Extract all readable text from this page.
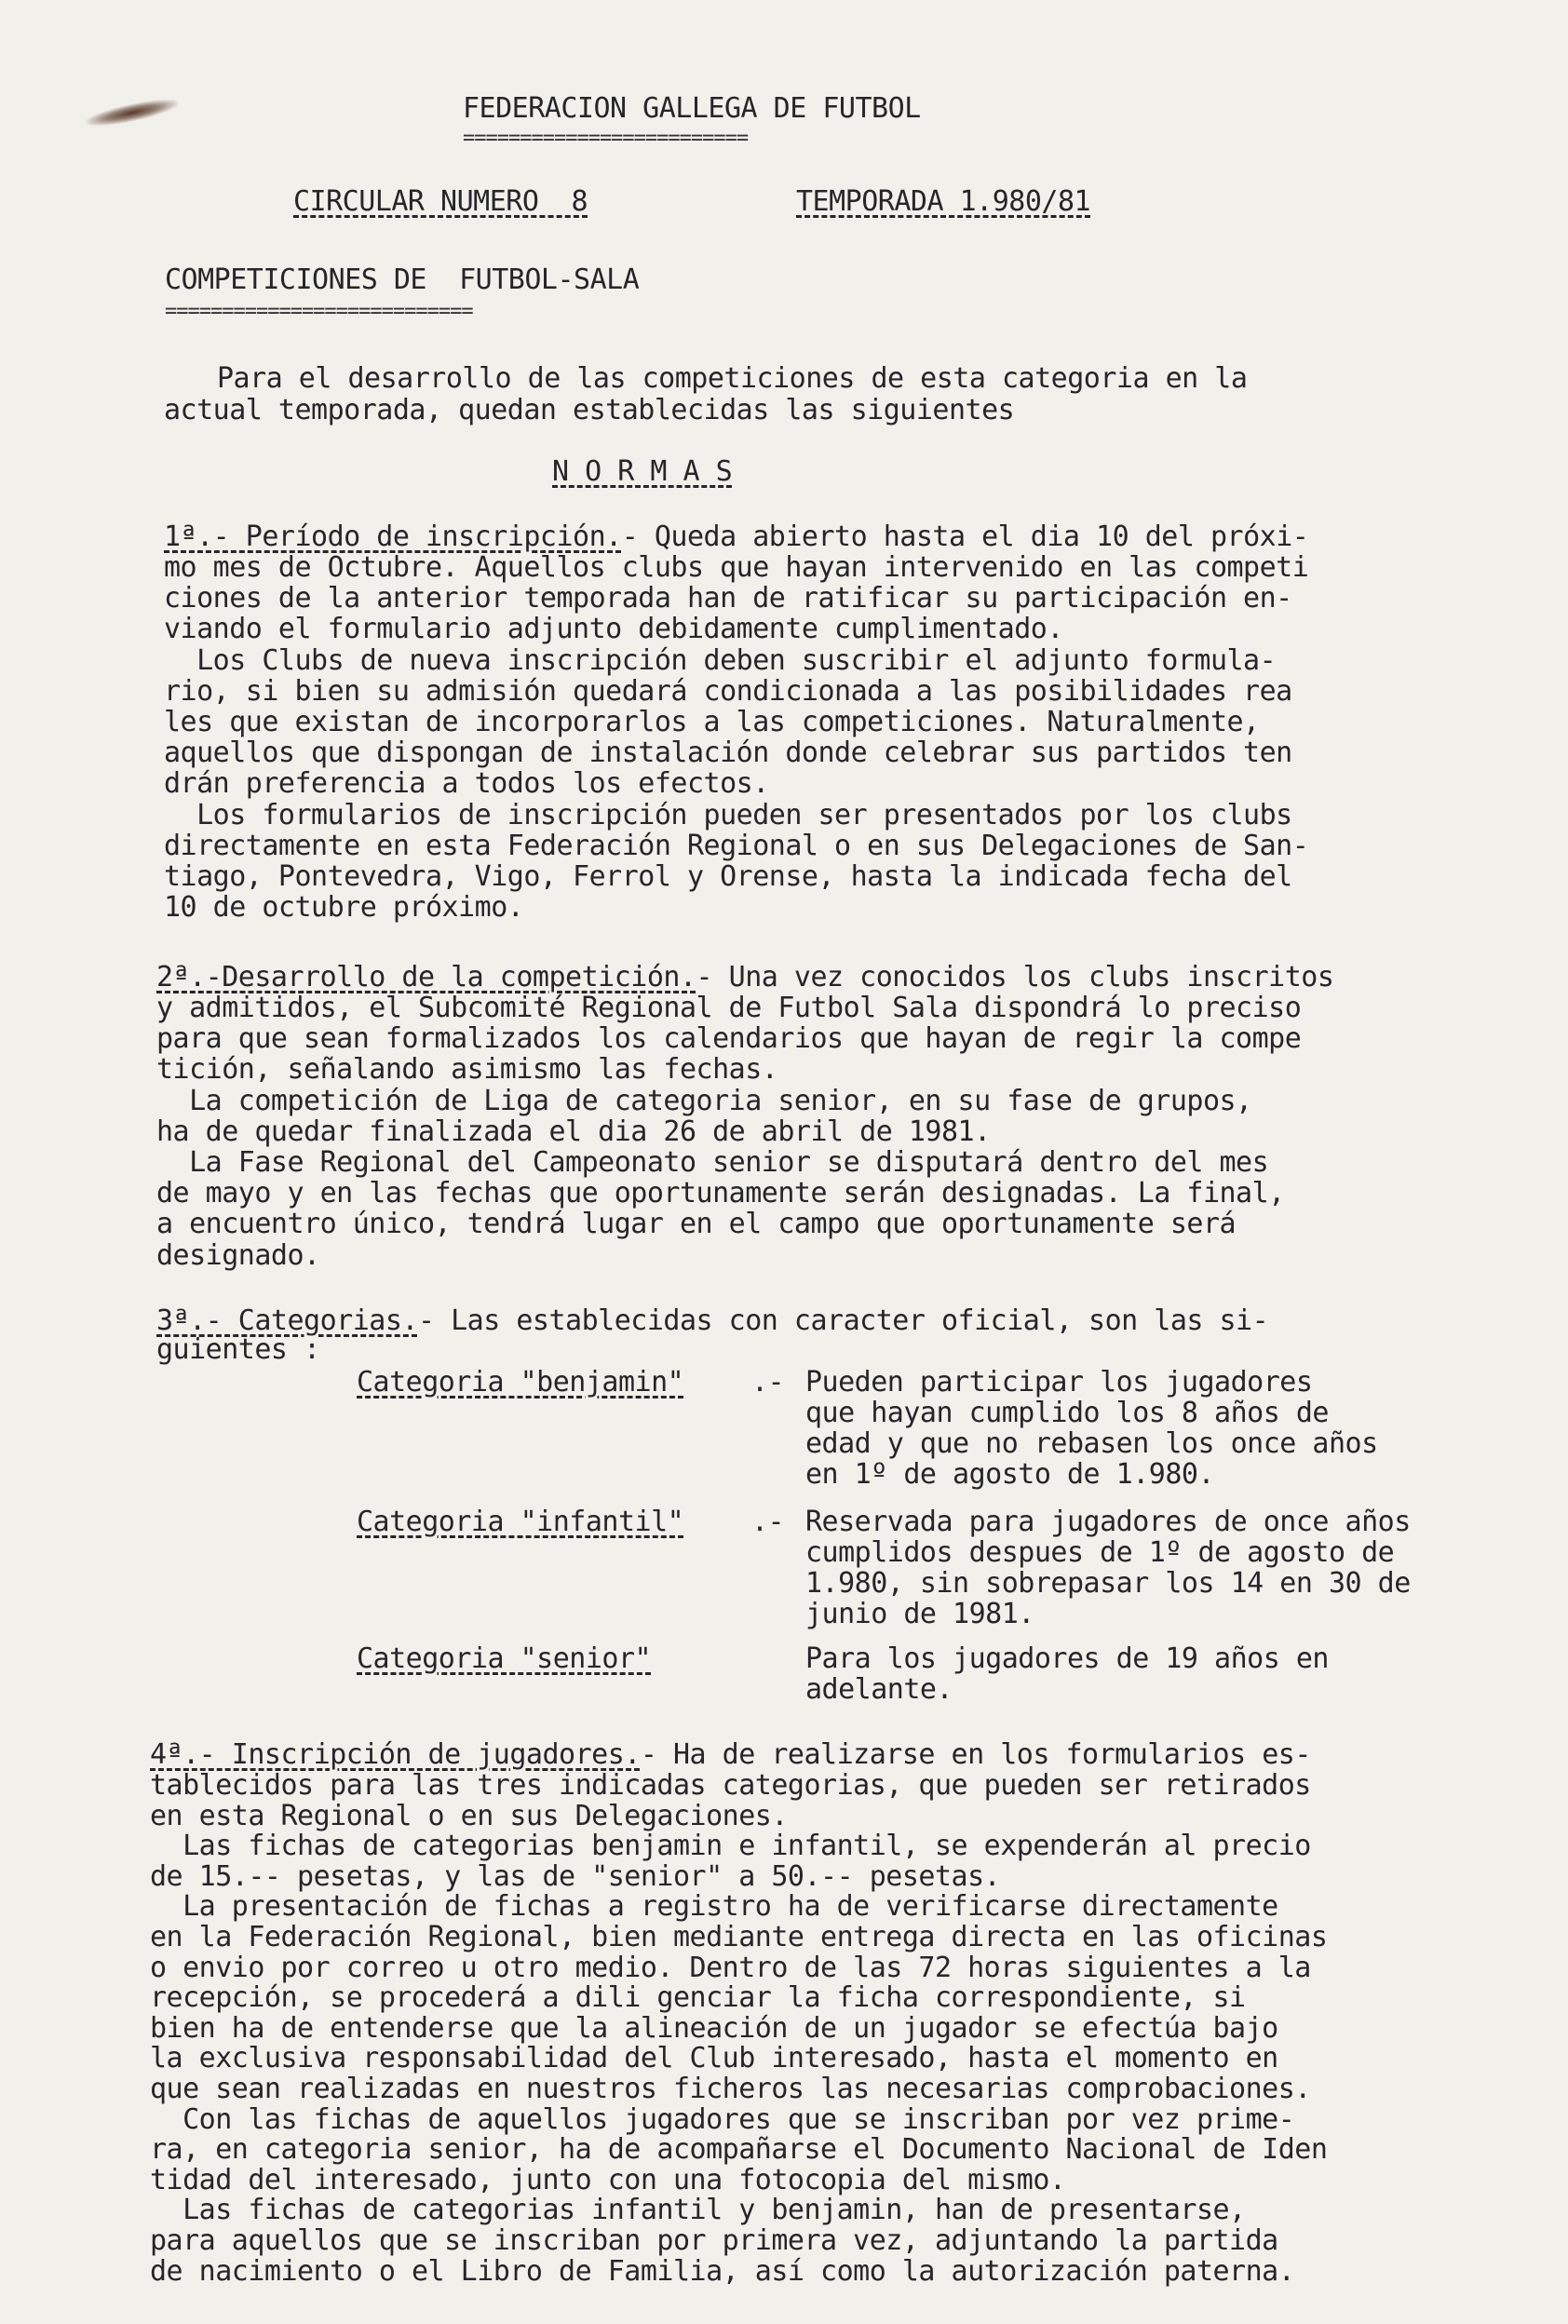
FEDERACION GALLEGA DE FUTBOL
=========================
CIRCULAR NUMERO  8	TEMPORADA 1.980/81
COMPETICIONES DE  FUTBOL-SALA
===========================
Para el desarrollo de las competiciones de esta categoria en la
actual temporada, quedan establecidas las siguientes
N O R M A S
1ª.- Período de inscripción.- Queda abierto hasta el dia 10 del próxi-
mo mes de Octubre. Aquellos clubs que hayan intervenido en las competi
ciones de la anterior temporada han de ratificar su participación en-
viando el formulario adjunto debidamente cumplimentado.
Los Clubs de nueva inscripción deben suscribir el adjunto formula-
rio, si bien su admisión quedará condicionada a las posibilidades rea
les que existan de incorporarlos a las competiciones. Naturalmente,
aquellos que dispongan de instalación donde celebrar sus partidos ten
drán preferencia a todos los efectos.
Los formularios de inscripción pueden ser presentados por los clubs
directamente en esta Federación Regional o en sus Delegaciones de San-
tiago, Pontevedra, Vigo, Ferrol y Orense, hasta la indicada fecha del
10 de octubre próximo.
2ª.-Desarrollo de la competición.- Una vez conocidos los clubs inscritos
y admitidos, el Subcomité Regional de Futbol Sala dispondrá lo preciso
para que sean formalizados los calendarios que hayan de regir la compe
tición, señalando asimismo las fechas.
La competición de Liga de categoria senior, en su fase de grupos,
ha de quedar finalizada el dia 26 de abril de 1981.
La Fase Regional del Campeonato senior se disputará dentro del mes
de mayo y en las fechas que oportunamente serán designadas. La final,
a encuentro único, tendrá lugar en el campo que oportunamente será
designado.
3ª.- Categorias.- Las establecidas con caracter oficial, son las si-
guientes :
Categoria "benjamin" .- Pueden participar los jugadores
que hayan cumplido los 8 años de
edad y que no rebasen los once años
en 1º de agosto de 1.980.
Categoria "infantil" .- Reservada para jugadores de once años
cumplidos despues de 1º de agosto de
1.980, sin sobrepasar los 14 en 30 de
junio de 1981.
Categoria "senior"	Para los jugadores de 19 años en
adelante.
4ª.- Inscripción de jugadores.- Ha de realizarse en los formularios es-
tablecidos para las tres indicadas categorias, que pueden ser retirados
en esta Regional o en sus Delegaciones.
Las fichas de categorias benjamin e infantil, se expenderán al precio
de 15.-- pesetas, y las de "senior" a 50.-- pesetas.
La presentación de fichas a registro ha de verificarse directamente
en la Federación Regional, bien mediante entrega directa en las oficinas
o envio por correo u otro medio. Dentro de las 72 horas siguientes a la
recepción, se procederá a dili genciar la ficha correspondiente, si
bien ha de entenderse que la alineación de un jugador se efectúa bajo
la exclusiva responsabilidad del Club interesado, hasta el momento en
que sean realizadas en nuestros ficheros las necesarias comprobaciones.
Con las fichas de aquellos jugadores que se inscriban por vez prime-
ra, en categoria senior, ha de acompañarse el Documento Nacional de Iden
tidad del interesado, junto con una fotocopia del mismo.
Las fichas de categorias infantil y benjamin, han de presentarse,
para aquellos que se inscriban por primera vez, adjuntando la partida
de nacimiento o el Libro de Familia, así como la autorización paterna.
